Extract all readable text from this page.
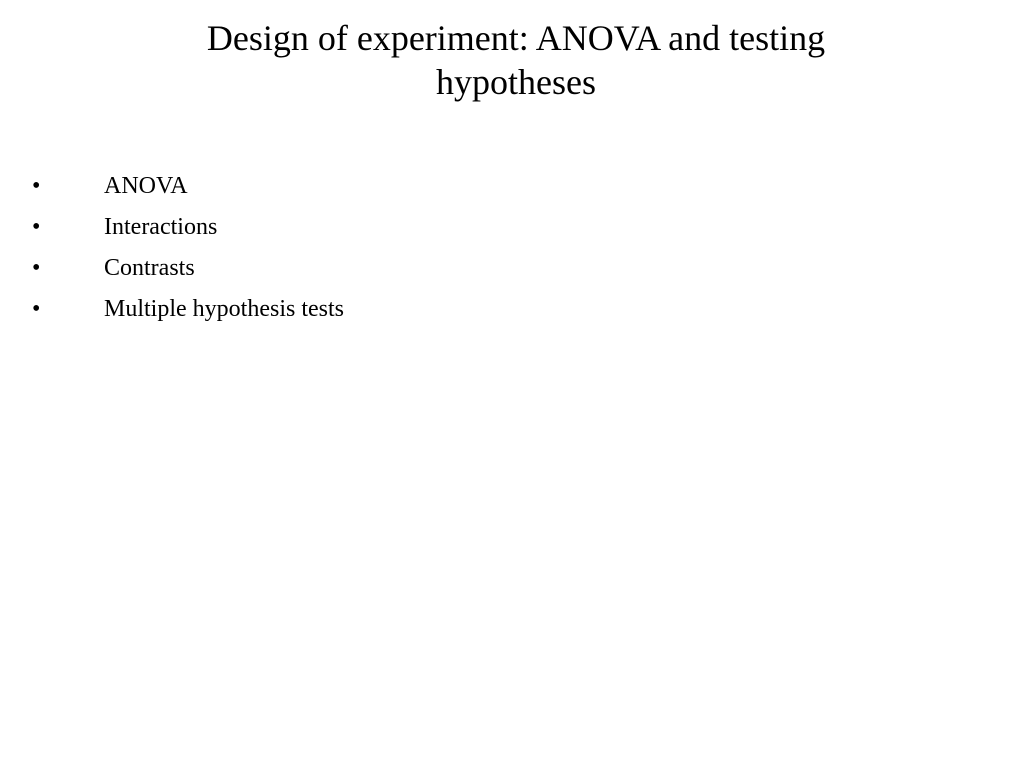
Design of experiment: ANOVA and testing
hypotheses
•	ANOVA
•	Interactions
•	Contrasts
•	Multiple hypothesis tests
